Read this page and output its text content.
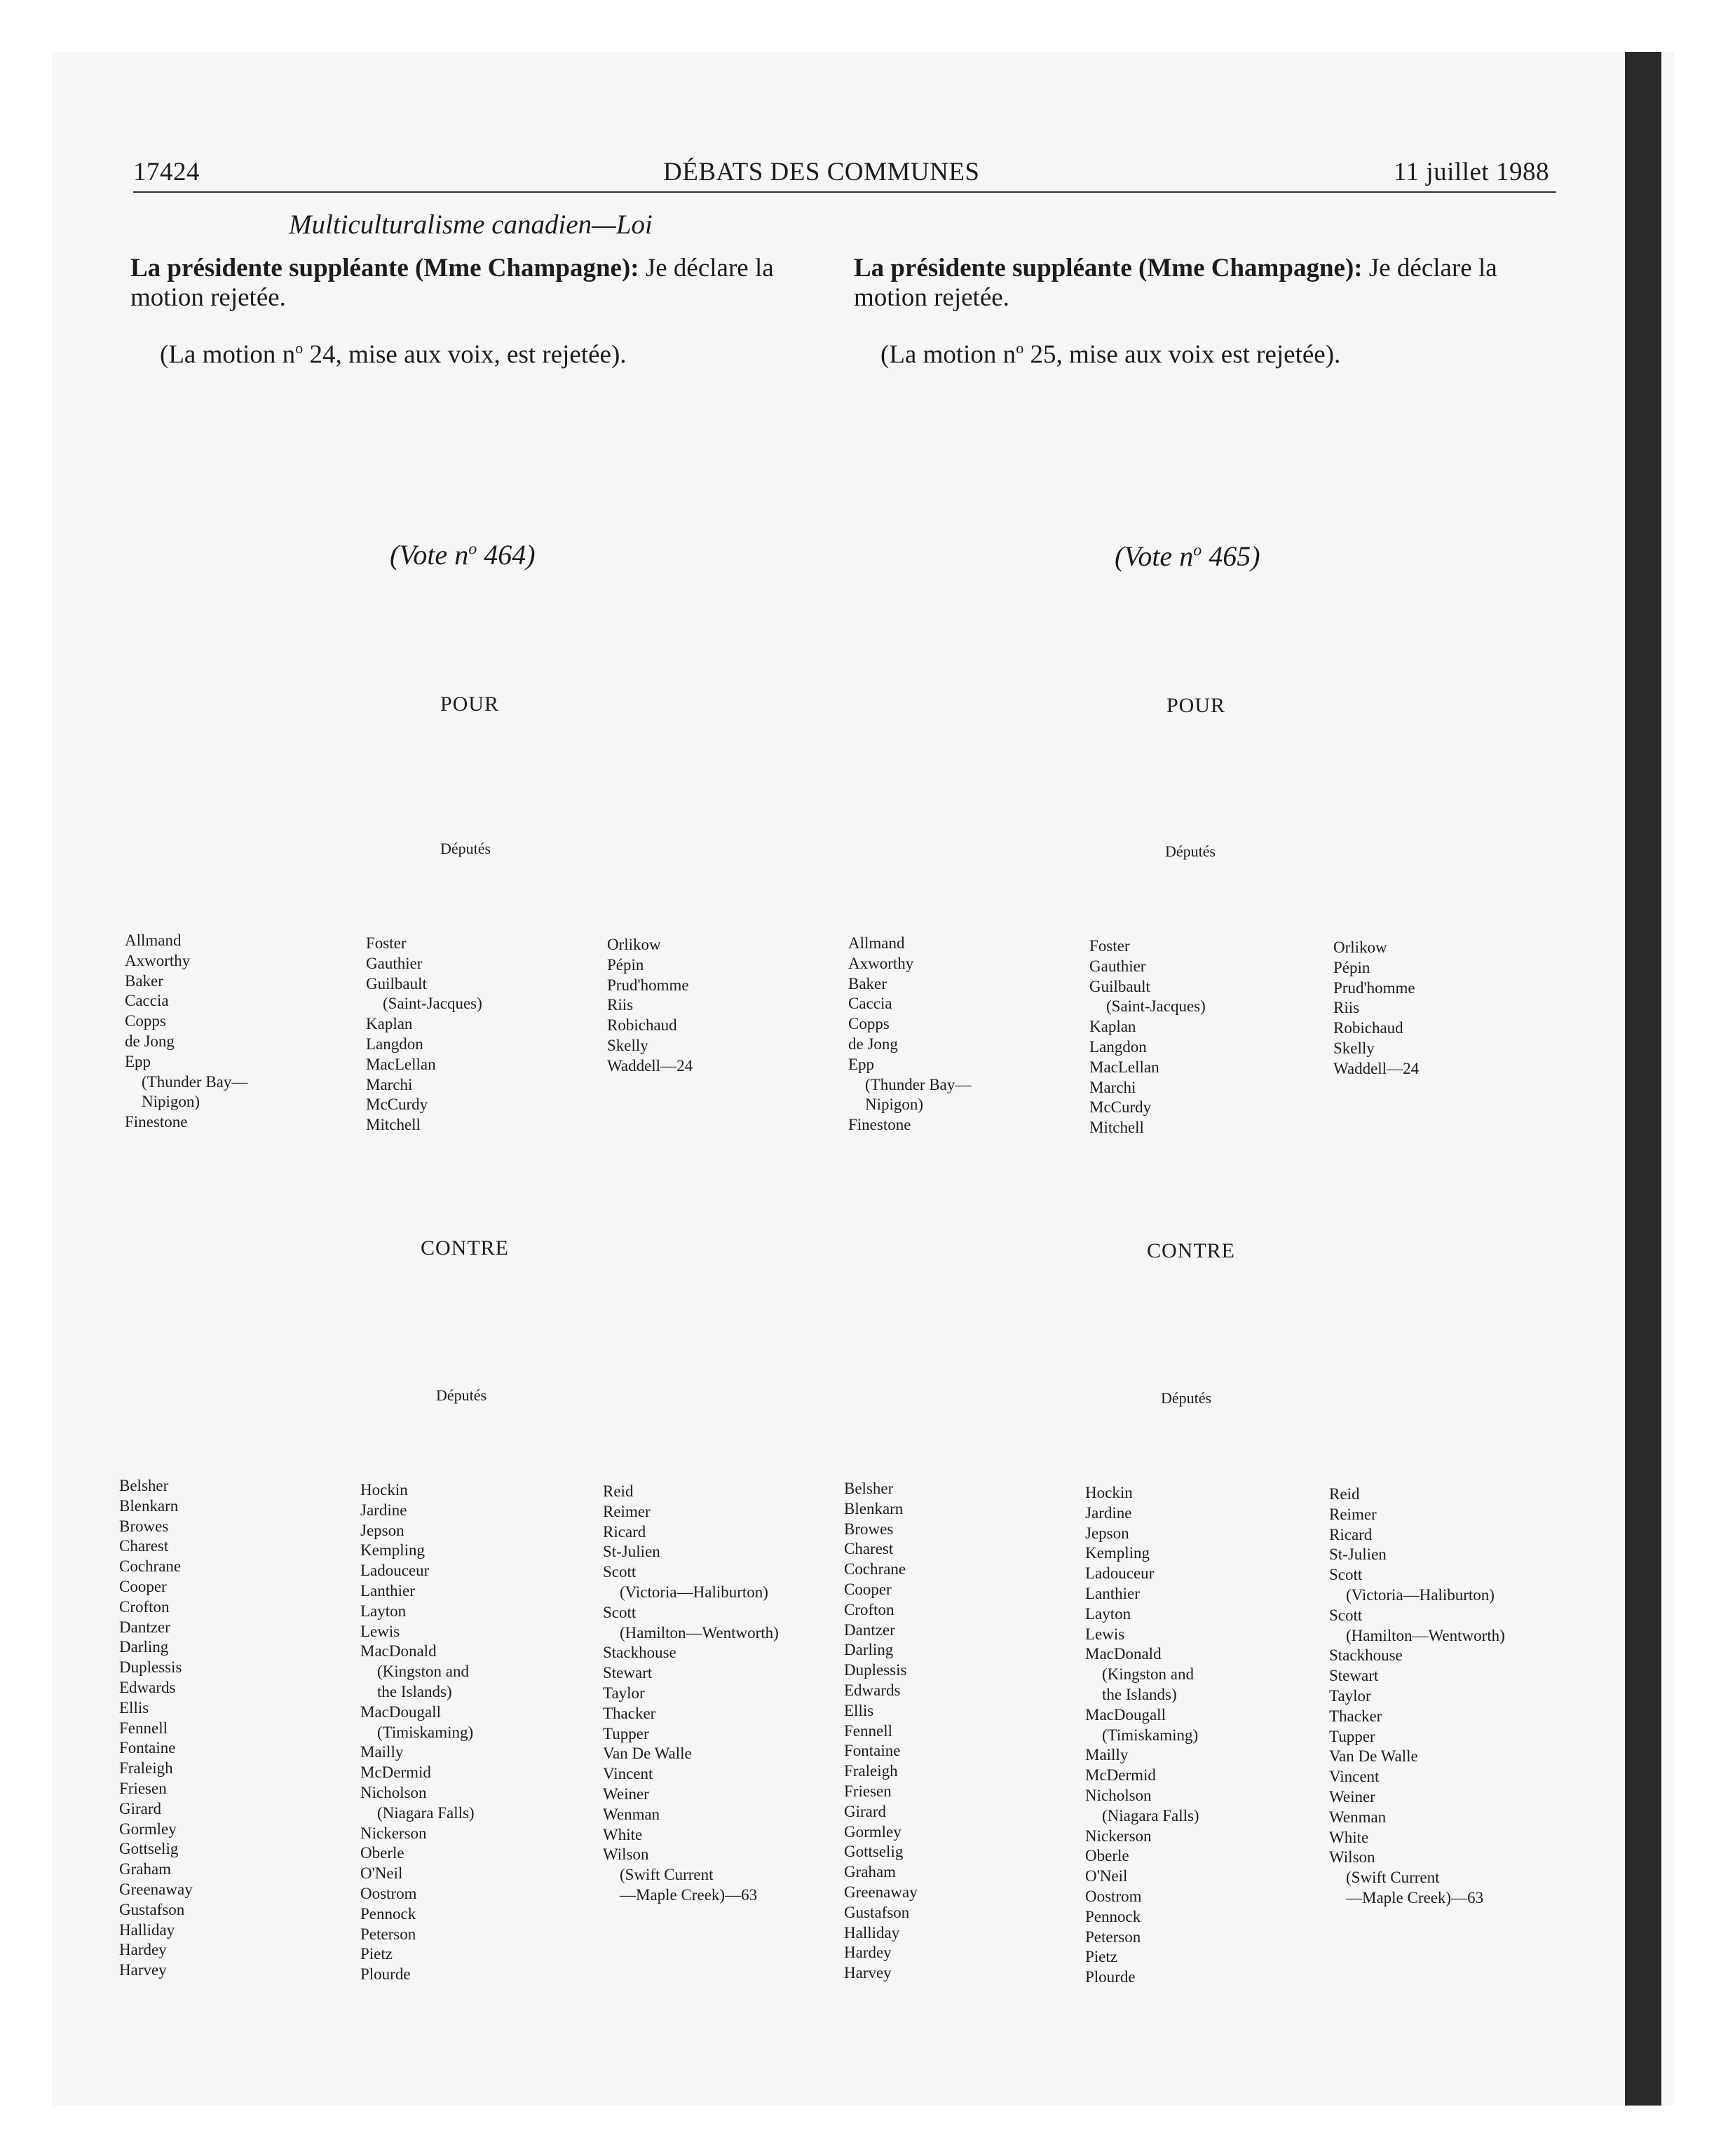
17424	DÉBATS DES COMMUNES	11 juillet 1988
Multiculturalisme canadien—Loi
La présidente suppléante (Mme Champagne): Je déclare la motion rejetée.
(La motion $n^o$ 24, mise aux voix, est rejetée).
(Vote $n^o$ 464)
POUR
Députés
Allmand
Axworthy
Baker
Caccia
Copps
de Jong
Epp
(Thunder Bay—
Nipigon)
Finestone
Foster
Gauthier
Guilbault
(Saint-Jacques)
Kaplan
Langdon
MacLellan
Marchi
McCurdy
Mitchell
Orlikow
Pépin
Prud'homme
Riis
Robichaud
Skelly
Waddell—24
CONTRE
Députés
Belsher
Blenkarn
Browes
Charest
Cochrane
Cooper
Crofton
Dantzer
Darling
Duplessis
Edwards
Ellis
Fennell
Fontaine
Fraleigh
Friesen
Girard
Gormley
Gottselig
Graham
Greenaway
Gustafson
Halliday
Hardey
Harvey
Hockin
Jardine
Jepson
Kempling
Ladouceur
Lanthier
Layton
Lewis
MacDonald
(Kingston and
the Islands)
MacDougall
(Timiskaming)
Mailly
McDermid
Nicholson
(Niagara Falls)
Nickerson
Oberle
O'Neil
Oostrom
Pennock
Peterson
Pietz
Plourde
Reid
Reimer
Ricard
St-Julien
Scott
(Victoria—Haliburton)
Scott
(Hamilton—Wentworth)
Stackhouse
Stewart
Taylor
Thacker
Tupper
Van De Walle
Vincent
Weiner
Wenman
White
Wilson
(Swift Current
—Maple Creek)—63
La présidente suppléante (Mme Champagne): Je déclare la motion rejetée.
(La motion $n^o$ 25, mise aux voix est rejetée).
(Vote $n^o$ 465)
POUR
Députés
Allmand
Axworthy
Baker
Caccia
Copps
de Jong
Epp
(Thunder Bay—
Nipigon)
Finestone
Foster
Gauthier
Guilbault
(Saint-Jacques)
Kaplan
Langdon
MacLellan
Marchi
McCurdy
Mitchell
Orlikow
Pépin
Prud'homme
Riis
Robichaud
Skelly
Waddell—24
CONTRE
Députés
Belsher
Blenkarn
Browes
Charest
Cochrane
Cooper
Crofton
Dantzer
Darling
Duplessis
Edwards
Ellis
Fennell
Fontaine
Fraleigh
Friesen
Girard
Gormley
Gottselig
Graham
Greenaway
Gustafson
Halliday
Hardey
Harvey
Hockin
Jardine
Jepson
Kempling
Ladouceur
Lanthier
Layton
Lewis
MacDonald
(Kingston and
the Islands)
MacDougall
(Timiskaming)
Mailly
McDermid
Nicholson
(Niagara Falls)
Nickerson
Oberle
O'Neil
Oostrom
Pennock
Peterson
Pietz
Plourde
Reid
Reimer
Ricard
St-Julien
Scott
(Victoria—Haliburton)
Scott
(Hamilton—Wentworth)
Stackhouse
Stewart
Taylor
Thacker
Tupper
Van De Walle
Vincent
Weiner
Wenman
White
Wilson
(Swift Current
—Maple Creek)—63
